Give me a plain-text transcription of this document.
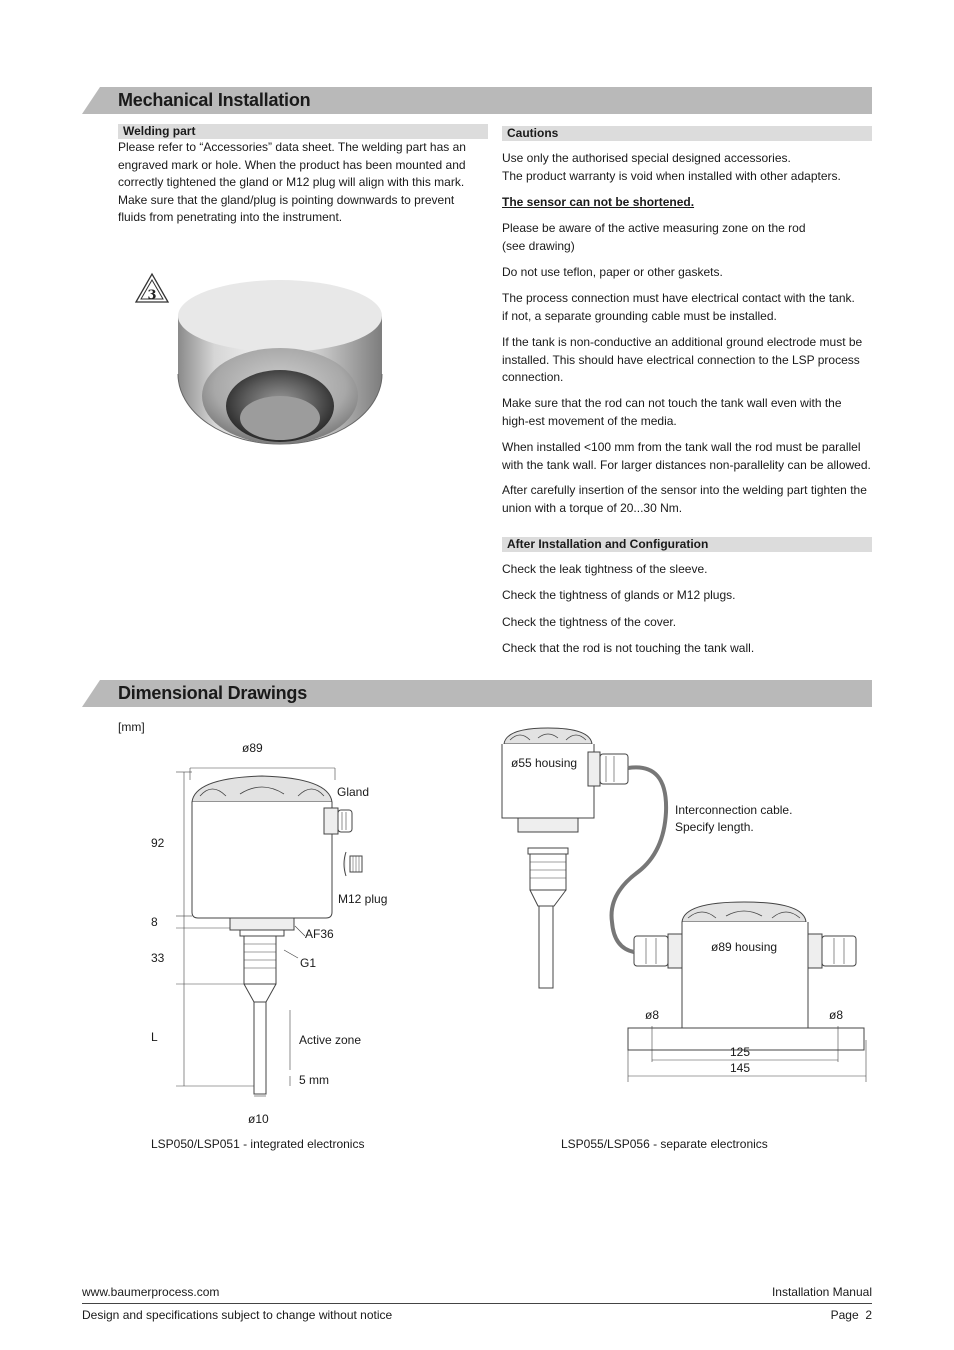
Mechanical Installation
Welding part
Please refer to “Accessories” data sheet. The welding part has an engraved mark or hole. When the product has been mounted and correctly tightened the gland or M12 plug will align with this mark. Make sure that the gland/plug is pointing downwards to prevent fluids from penetrating into the instrument.
3
Cautions
Use only the authorised special designed accessories.
The product warranty is void when installed with other adapters.
The sensor can not be shortened.
Please be aware of the active measuring zone on the rod
(see drawing)
Do not use teflon, paper or other gaskets.
The process connection must have electrical contact with the tank.
if not, a separate grounding cable must be installed.
If the tank is non-conductive an additional ground electrode must be installed. This should have electrical connection to the LSP process connection.
Make sure that the rod can not touch the tank wall even with the high-est movement of the media.
When installed <100 mm from the tank wall the rod must be parallel with the tank wall. For larger distances non-parallelity can be allowed.
After carefully insertion of the sensor into the welding part tighten the union with a torque of 20...30 Nm.
After Installation and Configuration
Check the leak tightness of the sleeve.
Check the tightness of glands or M12 plugs.
Check the tightness of the cover.
Check that the rod is not touching the tank wall.
Dimensional Drawings
[mm]
ø89
Gland
M12 plug
92
8
33
L
AF36
G1
Active zone
5 mm
ø10
LSP050/LSP051 - integrated electronics
ø55 housing
Interconnection cable.
Specify length.
ø89 housing
ø8	ø8
125
145
LSP055/LSP056 - separate electronics
www.baumerprocess.com	Installation Manual
Design and specifications subject to change without notice	Page  2
